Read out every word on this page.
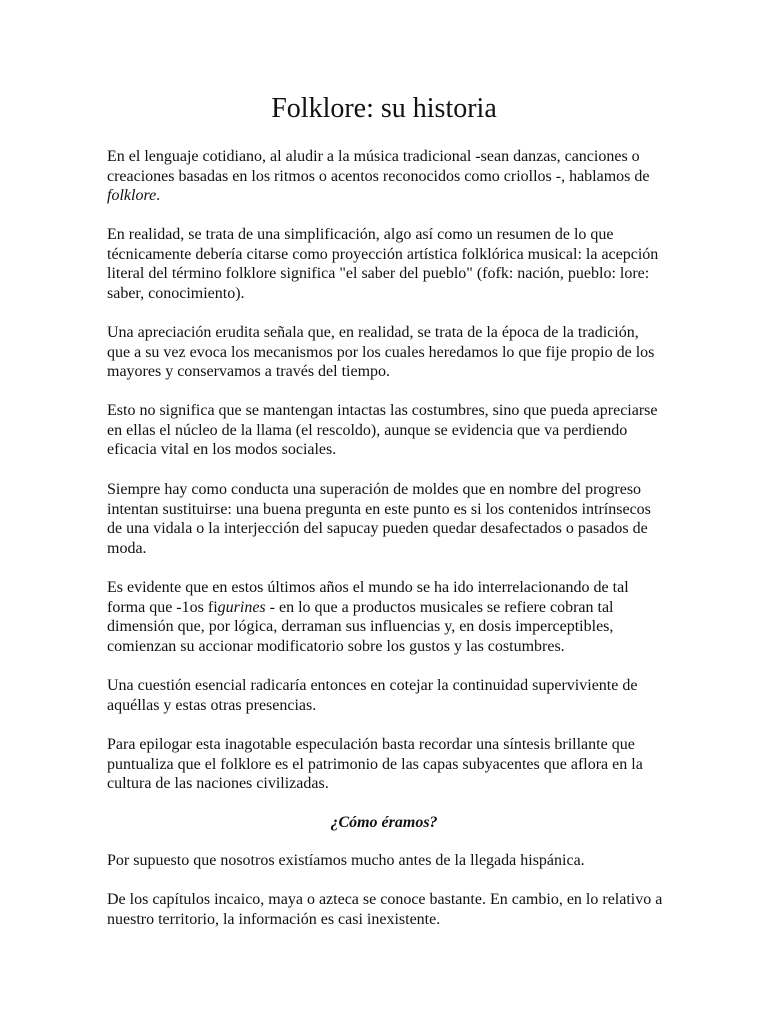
Folklore: su historia

En el lenguaje cotidiano, al aludir a la música tradicional -sean danzas, canciones o creaciones basadas en los ritmos o acentos reconocidos como criollos -, hablamos de folklore.

En realidad, se trata de una simplificación, algo así como un resumen de lo que técnicamente debería citarse como proyección artística folklórica musical: la acepción literal del término folklore significa "el saber del pueblo" (fofk: nación, pueblo: lore: saber, conocimiento).

Una apreciación erudita señala que, en realidad, se trata de la época de la tradición, que a su vez evoca los mecanismos por los cuales heredamos lo que fije propio de los mayores y conservamos a través del tiempo.

Esto no significa que se mantengan intactas las costumbres, sino que pueda apreciarse en ellas el núcleo de la llama (el rescoldo), aunque se evidencia que va perdiendo eficacia vital en los modos sociales.

Siempre hay como conducta una superación de moldes que en nombre del progreso intentan sustituirse: una buena pregunta en este punto es si los contenidos intrínsecos de una vidala o la interjección del sapucay pueden quedar desafectados o pasados de moda.

Es evidente que en estos últimos años el mundo se ha ido interrelacionando de tal forma que -1os figurines - en lo que a productos musicales se refiere cobran tal dimensión que, por lógica, derraman sus influencias y, en dosis imperceptibles, comienzan su accionar modificatorio sobre los gustos y las costumbres.

Una cuestión esencial radicaría entonces en cotejar la continuidad superviviente de aquéllas y estas otras presencias.

Para epilogar esta inagotable especulación basta recordar una síntesis brillante que puntualiza que el folklore es el patrimonio de las capas subyacentes que aflora en la cultura de las naciones civilizadas.

¿Cómo éramos?

Por supuesto que nosotros existíamos mucho antes de la llegada hispánica.

De los capítulos incaico, maya o azteca se conoce bastante. En cambio, en lo relativo a nuestro territorio, la información es casi inexistente.
